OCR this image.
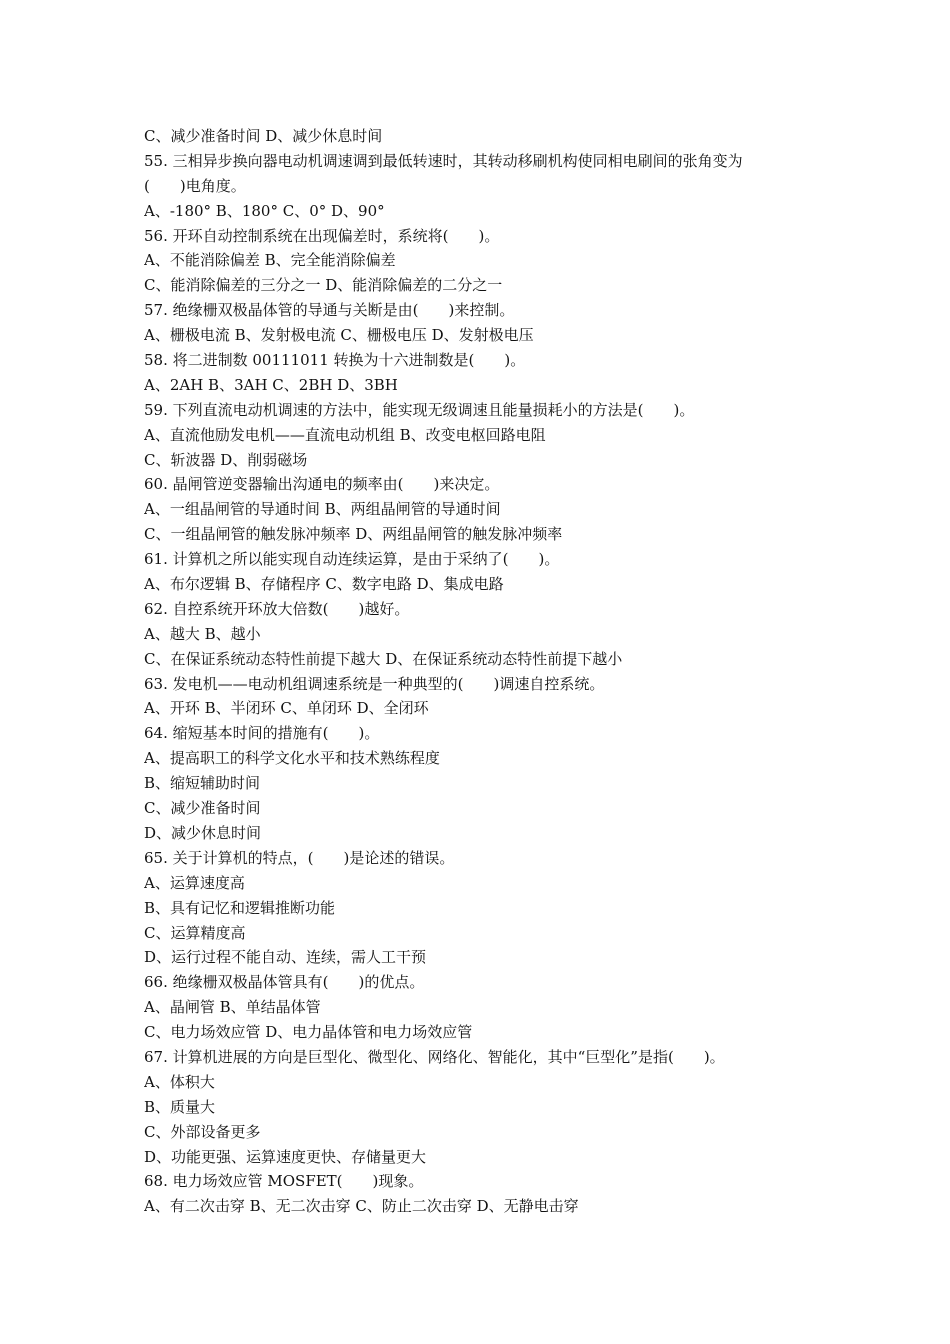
C、减少准备时间 D、减少休息时间
55. 三相异步换向器电动机调速调到最低转速时，其转动移刷机构使同相电刷间的张角变为
(　　)电角度。
A、-180° B、180° C、0° D、90°
56. 开环自动控制系统在出现偏差时，系统将(　　)。
A、不能消除偏差 B、完全能消除偏差
C、能消除偏差的三分之一 D、能消除偏差的二分之一
57. 绝缘栅双极晶体管的导通与关断是由(　　)来控制。
A、栅极电流 B、发射极电流 C、栅极电压 D、发射极电压
58. 将二进制数 00111011 转换为十六进制数是(　　)。
A、2AH B、3AH C、2BH D、3BH
59. 下列直流电动机调速的方法中，能实现无级调速且能量损耗小的方法是(　　)。
A、直流他励发电机——直流电动机组 B、改变电枢回路电阻
C、斩波器 D、削弱磁场
60. 晶闸管逆变器输出沟通电的频率由(　　)来决定。
A、一组晶闸管的导通时间 B、两组晶闸管的导通时间
C、一组晶闸管的触发脉冲频率 D、两组晶闸管的触发脉冲频率
61. 计算机之所以能实现自动连续运算，是由于采纳了(　　)。
A、布尔逻辑 B、存储程序 C、数字电路 D、集成电路
62. 自控系统开环放大倍数(　　)越好。
A、越大 B、越小
C、在保证系统动态特性前提下越大 D、在保证系统动态特性前提下越小
63. 发电机——电动机组调速系统是一种典型的(　　)调速自控系统。
A、开环 B、半闭环 C、单闭环 D、全闭环
64. 缩短基本时间的措施有(　　)。
A、提高职工的科学文化水平和技术熟练程度
B、缩短辅助时间
C、减少准备时间
D、减少休息时间
65. 关于计算机的特点，(　　)是论述的错误。
A、运算速度高
B、具有记忆和逻辑推断功能
C、运算精度高
D、运行过程不能自动、连续，需人工干预
66. 绝缘栅双极晶体管具有(　　)的优点。
A、晶闸管 B、单结晶体管
C、电力场效应管 D、电力晶体管和电力场效应管
67. 计算机进展的方向是巨型化、微型化、网络化、智能化，其中“巨型化”是指(　　)。
A、体积大
B、质量大
C、外部设备更多
D、功能更强、运算速度更快、存储量更大
68. 电力场效应管 MOSFET(　　)现象。
A、有二次击穿 B、无二次击穿 C、防止二次击穿 D、无静电击穿
